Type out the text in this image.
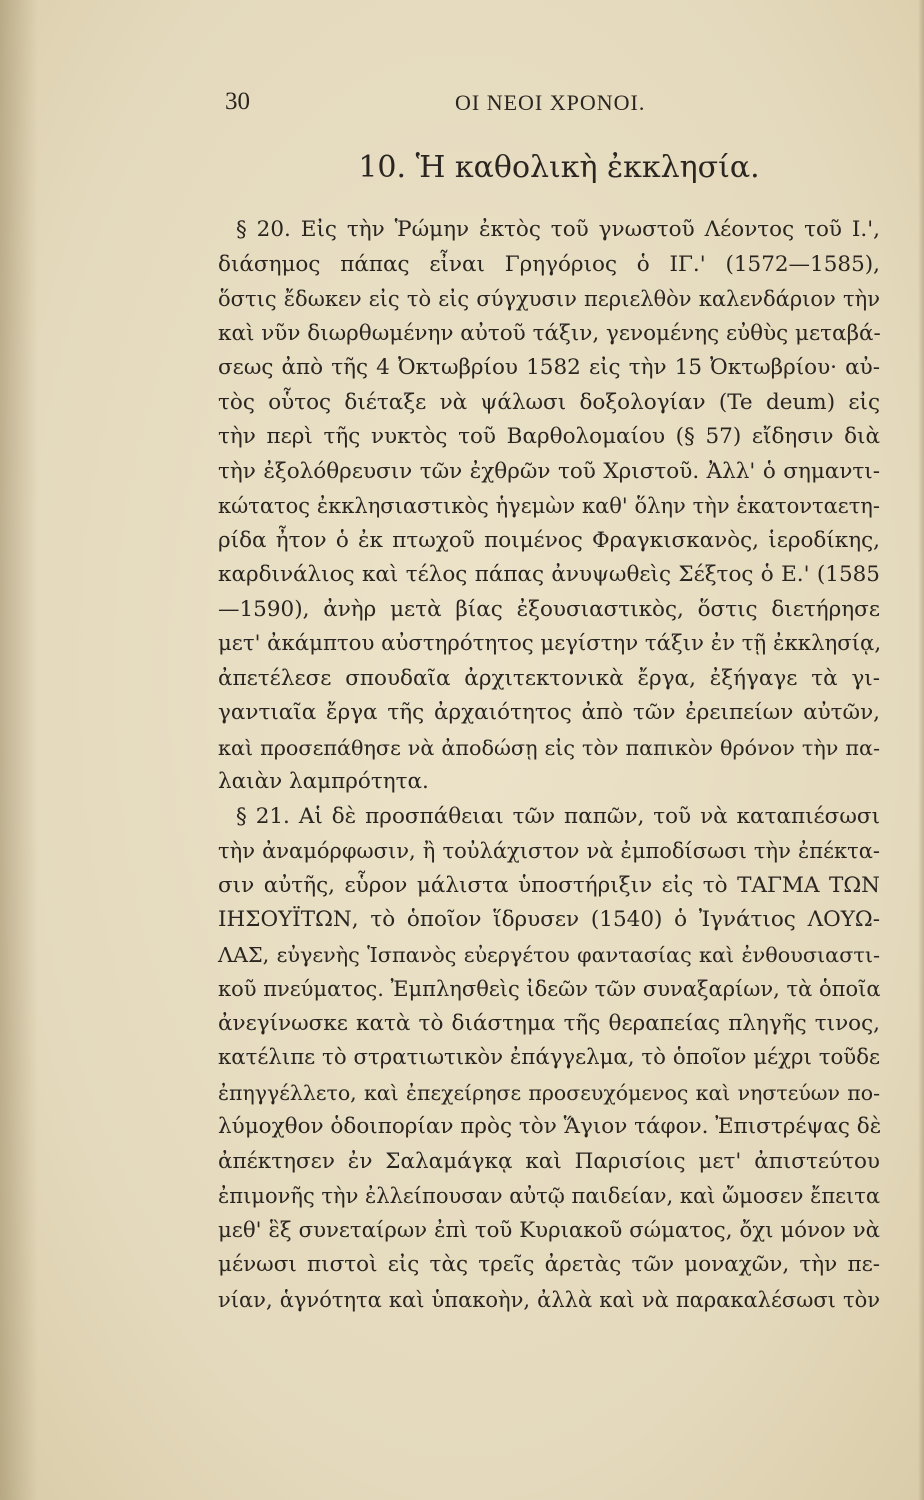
30	ΟΙ ΝΕΟΙ ΧΡΟΝΟΙ.
10. Ἡ καθολικὴ ἐκκλησία.
§ 20. Εἰς τὴν Ῥώμην ἐκτὸς τοῦ γνωστοῦ Λέοντος τοῦ Ι.',
διάσημος πάπας εἶναι Γρηγόριος ὁ ΙΓ.' (1572—1585),
ὅστις ἔδωκεν εἰς τὸ εἰς σύγχυσιν περιελθὸν καλενδάριον τὴν
καὶ νῦν διωρθωμένην αὐτοῦ τάξιν, γενομένης εὐθὺς μεταβά-
σεως ἀπὸ τῆς 4 Ὀκτωβρίου 1582 εἰς τὴν 15 Ὀκτωβρίου· αὐ-
τὸς οὗτος διέταξε νὰ ψάλωσι δοξολογίαν (Te deum) εἰς
τὴν περὶ τῆς νυκτὸς τοῦ Βαρθολομαίου (§ 57) εἴδησιν διὰ
τὴν ἐξολόθρευσιν τῶν ἐχθρῶν τοῦ Χριστοῦ. Ἀλλ' ὁ σημαντι-
κώτατος ἐκκλησιαστικὸς ἡγεμὼν καθ' ὅλην τὴν ἑκατονταετη-
ρίδα ἦτον ὁ ἐκ πτωχοῦ ποιμένος Φραγκισκανὸς, ἱεροδίκης,
καρδινάλιος καὶ τέλος πάπας ἀνυψωθεὶς Σέξτος ὁ Ε.' (1585
—1590), ἀνὴρ μετὰ βίας ἐξουσιαστικὸς, ὅστις διετήρησε
μετ' ἀκάμπτου αὐστηρότητος μεγίστην τάξιν ἐν τῇ ἐκκλησίᾳ,
ἀπετέλεσε σπουδαῖα ἀρχιτεκτονικὰ ἔργα, ἐξήγαγε τὰ γι-
γαντιαῖα ἔργα τῆς ἀρχαιότητος ἀπὸ τῶν ἐρειπείων αὐτῶν,
καὶ προσεπάθησε νὰ ἀποδώσῃ εἰς τὸν παπικὸν θρόνον τὴν πα-
λαιὰν λαμπρότητα.
§ 21. Αἱ δὲ προσπάθειαι τῶν παπῶν, τοῦ νὰ καταπιέσωσι
τὴν ἀναμόρφωσιν, ἢ τοὐλάχιστον νὰ ἐμποδίσωσι τὴν ἐπέκτα-
σιν αὐτῆς, εὗρον μάλιστα ὑποστήριξιν εἰς τὸ ΤΑΓΜΑ ΤΩΝ
ΙΗΣΟΥΪΤΩΝ, τὸ ὁποῖον ἵδρυσεν (1540) ὁ Ἰγνάτιος ΛΟΥΩ-
ΛΑΣ, εὐγενὴς Ἱσπανὸς εὐεργέτου φαντασίας καὶ ἐνθουσιαστι-
κοῦ πνεύματος. Ἐμπλησθεὶς ἰδεῶν τῶν συναξαρίων, τὰ ὁποῖα
ἀνεγίνωσκε κατὰ τὸ διάστημα τῆς θεραπείας πληγῆς τινος,
κατέλιπε τὸ στρατιωτικὸν ἐπάγγελμα, τὸ ὁποῖον μέχρι τοῦδε
ἐπηγγέλλετο, καὶ ἐπεχείρησε προσευχόμενος καὶ νηστεύων πο-
λύμοχθον ὁδοιπορίαν πρὸς τὸν Ἅγιον τάφον. Ἐπιστρέψας δὲ
ἀπέκτησεν ἐν Σαλαμάγκᾳ καὶ Παρισίοις μετ' ἀπιστεύτου
ἐπιμονῆς τὴν ἐλλείπουσαν αὐτῷ παιδείαν, καὶ ὤμοσεν ἔπειτα
μεθ' ἓξ συνεταίρων ἐπὶ τοῦ Κυριακοῦ σώματος, ὄχι μόνον νὰ
μένωσι πιστοὶ εἰς τὰς τρεῖς ἀρετὰς τῶν μοναχῶν, τὴν πε-
νίαν, ἁγνότητα καὶ ὑπακοὴν, ἀλλὰ καὶ νὰ παρακαλέσωσι τὸν
